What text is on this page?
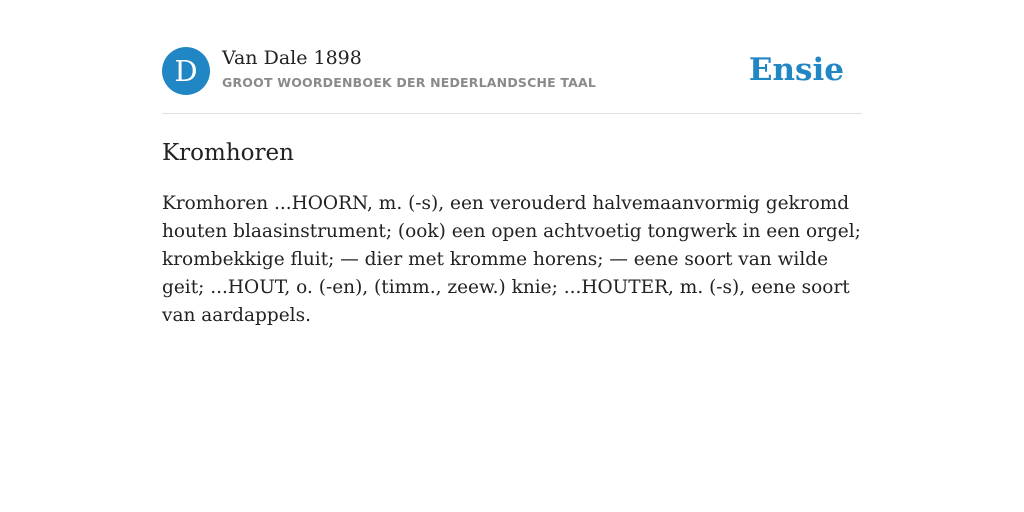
D	Van Dale 1898
GROOT WOORDENBOEK DER NEDERLANDSCHE TAAL	Ensie
Kromhoren

Kromhoren ...HOORN, m. (-s), een verouderd halvemaanvormig gekromd houten blaasinstrument; (ook) een open achtvoetig tongwerk in een orgel; krombekkige fluit; — dier met kromme horens; — eene soort van wilde geit; ...HOUT, o. (-en), (timm., zeew.) knie; ...HOUTER, m. (-s), eene soort van aardappels.
